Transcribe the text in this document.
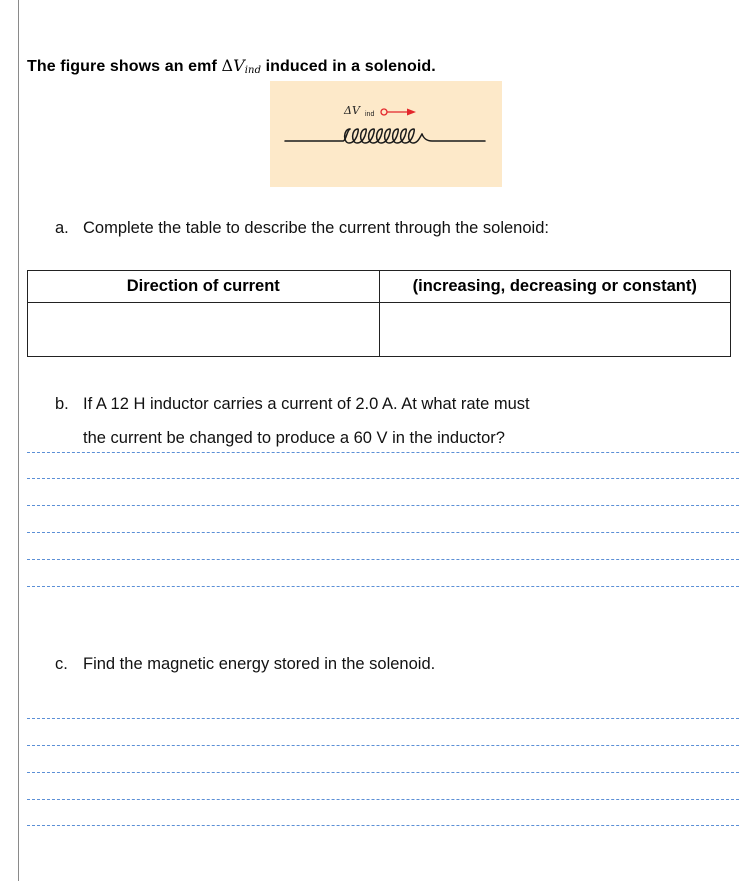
The figure shows an emf $\Delta V_{ind}$ induced in a solenoid.
ΔV ind
a. Complete the table to describe the current through the solenoid:
Direction of current	(increasing, decreasing or constant)

b. If A 12 H inductor carries a current of 2.0 A. At what rate must
the current be changed to produce a 60 V in the inductor?
c. Find the magnetic energy stored in the solenoid.
